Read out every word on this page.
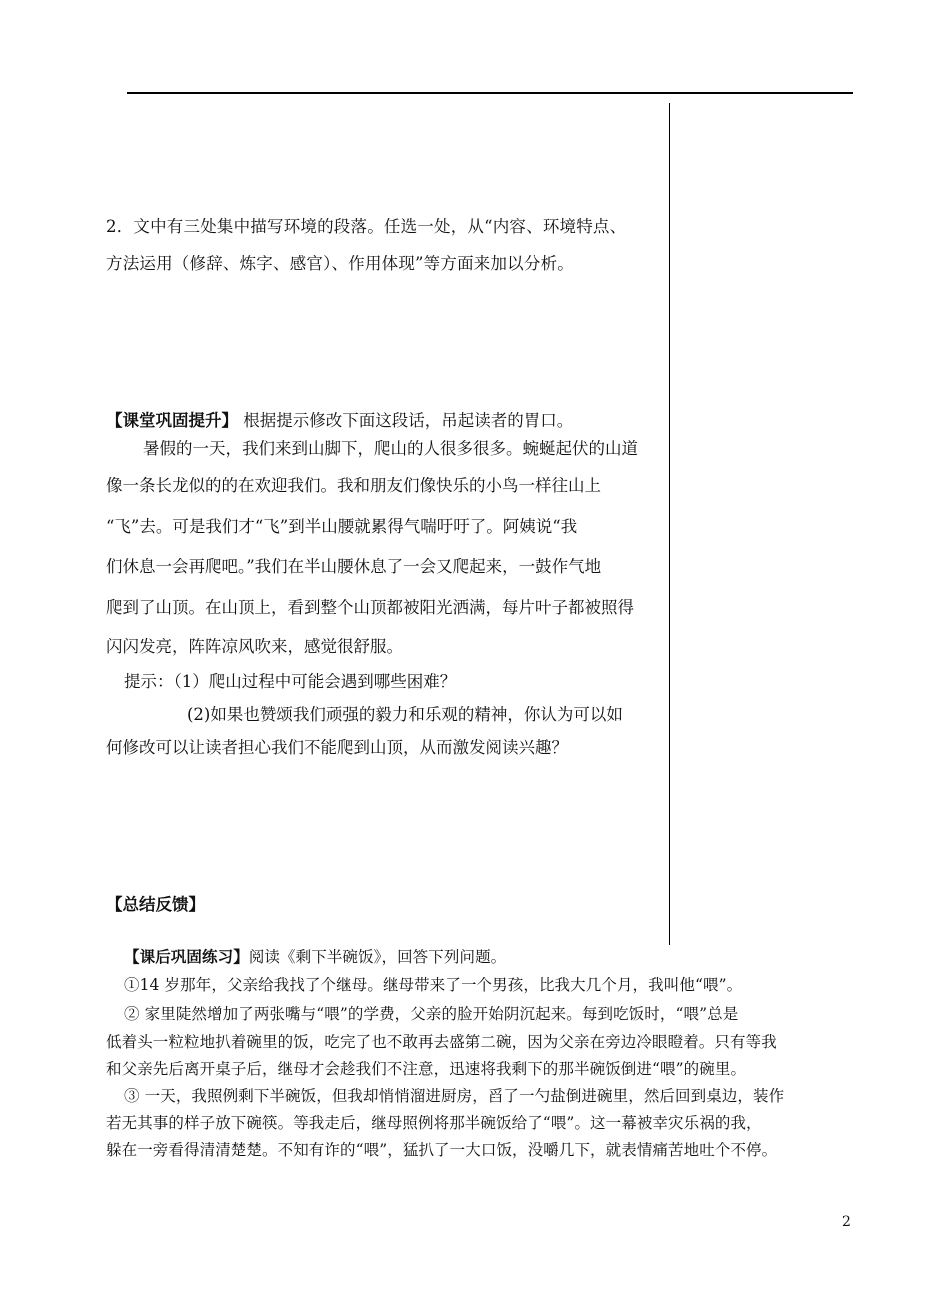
2．文中有三处集中描写环境的段落。任选一处，从“内容、环境特点、

方法运用（修辞、炼字、感官）、作用体现”等方面来加以分析。

【课堂巩固提升】 根据提示修改下面这段话，吊起读者的胃口。

暑假的一天，我们来到山脚下，爬山的人很多很多。蜿蜒起伏的山道

像一条长龙似的的在欢迎我们。我和朋友们像快乐的小鸟一样往山上

“飞”去。可是我们才“飞”到半山腰就累得气喘吁吁了。阿姨说“我

们休息一会再爬吧。”我们在半山腰休息了一会又爬起来，一鼓作气地

爬到了山顶。在山顶上，看到整个山顶都被阳光洒满，每片叶子都被照得

闪闪发亮，阵阵凉风吹来，感觉很舒服。

提示：（1）爬山过程中可能会遇到哪些困难？

(2)如果也赞颂我们顽强的毅力和乐观的精神，你认为可以如

何修改可以让读者担心我们不能爬到山顶，从而激发阅读兴趣？

【总结反馈】

【课后巩固练习】阅读《剩下半碗饭》，回答下列问题。

①14 岁那年，父亲给我找了个继母。继母带来了一个男孩，比我大几个月，我叫他“喂”。

② 家里陡然增加了两张嘴与“喂”的学费，父亲的脸开始阴沉起来。每到吃饭时，“喂”总是

低着头一粒粒地扒着碗里的饭，吃完了也不敢再去盛第二碗，因为父亲在旁边冷眼瞪着。只有等我

和父亲先后离开桌子后，继母才会趁我们不注意，迅速将我剩下的那半碗饭倒进“喂”的碗里。

③ 一天，我照例剩下半碗饭，但我却悄悄溜进厨房，舀了一勺盐倒进碗里，然后回到桌边，装作

若无其事的样子放下碗筷。等我走后，继母照例将那半碗饭给了“喂”。这一幕被幸灾乐祸的我，

躲在一旁看得清清楚楚。不知有诈的“喂”，猛扒了一大口饭，没嚼几下，就表情痛苦地吐个不停。

2
